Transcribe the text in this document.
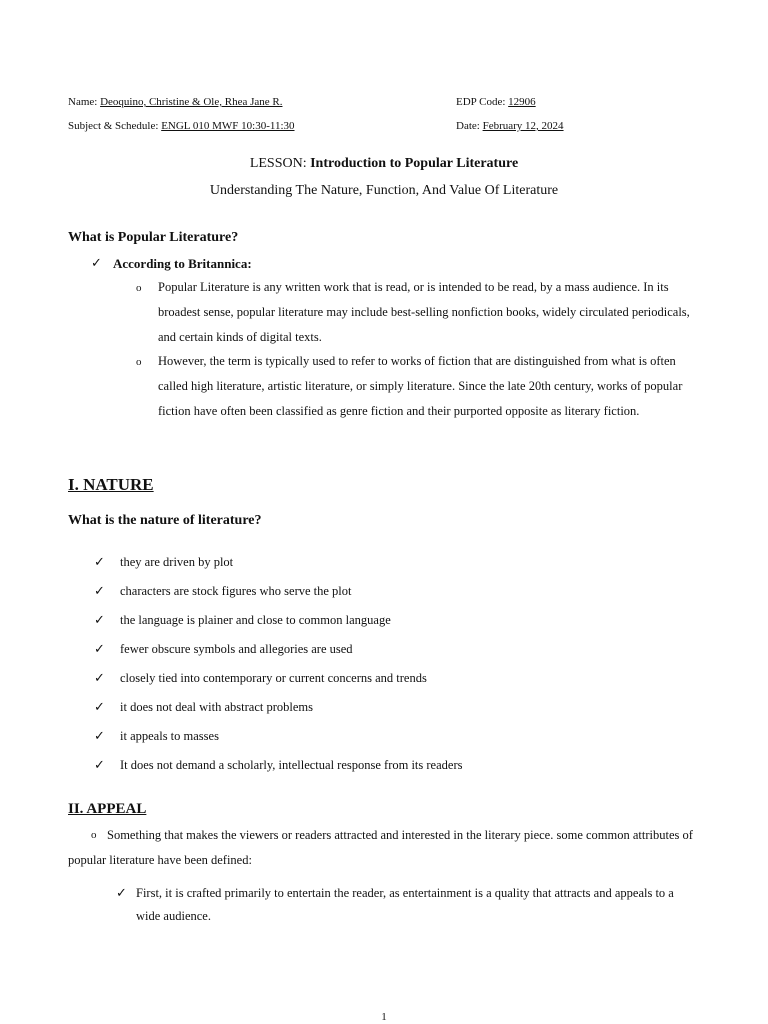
Name: Deoquino, Christine & Ole, Rhea Jane R.	EDP Code: 12906
Subject & Schedule: ENGL 010 MWF 10:30-11:30	Date: February 12, 2024
LESSON: Introduction to Popular Literature
Understanding The Nature, Function, And Value Of Literature
What is Popular Literature?
✓ According to Britannica:
o Popular Literature is any written work that is read, or is intended to be read, by a mass audience. In its broadest sense, popular literature may include best-selling nonfiction books, widely circulated periodicals, and certain kinds of digital texts.
o However, the term is typically used to refer to works of fiction that are distinguished from what is often called high literature, artistic literature, or simply literature. Since the late 20th century, works of popular fiction have often been classified as genre fiction and their purported opposite as literary fiction.
I. NATURE
What is the nature of literature?
✓ they are driven by plot
✓ characters are stock figures who serve the plot
✓ the language is plainer and close to common language
✓ fewer obscure symbols and allegories are used
✓ closely tied into contemporary or current concerns and trends
✓ it does not deal with abstract problems
✓ it appeals to masses
✓ It does not demand a scholarly, intellectual response from its readers
II. APPEAL
o Something that makes the viewers or readers attracted and interested in the literary piece. some common attributes of popular literature have been defined:
✓ First, it is crafted primarily to entertain the reader, as entertainment is a quality that attracts and appeals to a wide audience.
1
